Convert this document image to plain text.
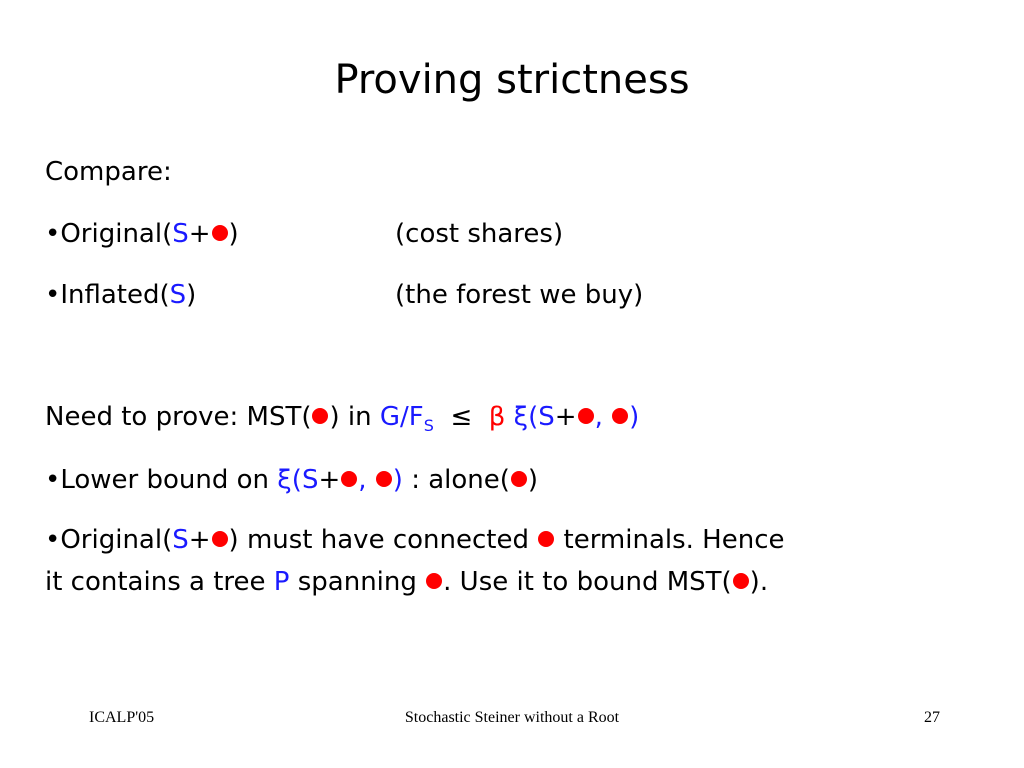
Proving strictness
Compare:
•Original(S+ )	(cost shares)
•Inflated(S)	(the forest we buy)
Need to prove: MST( ) in $G/F_S \le \beta$ ξ(S+ , )
•Lower bound on ξ(S+ , ) : alone( )
•Original(S+ ) must have connected  terminals. Hence
it contains a tree P spanning . Use it to bound MST( ).
ICALP'05	Stochastic Steiner without a Root	27
